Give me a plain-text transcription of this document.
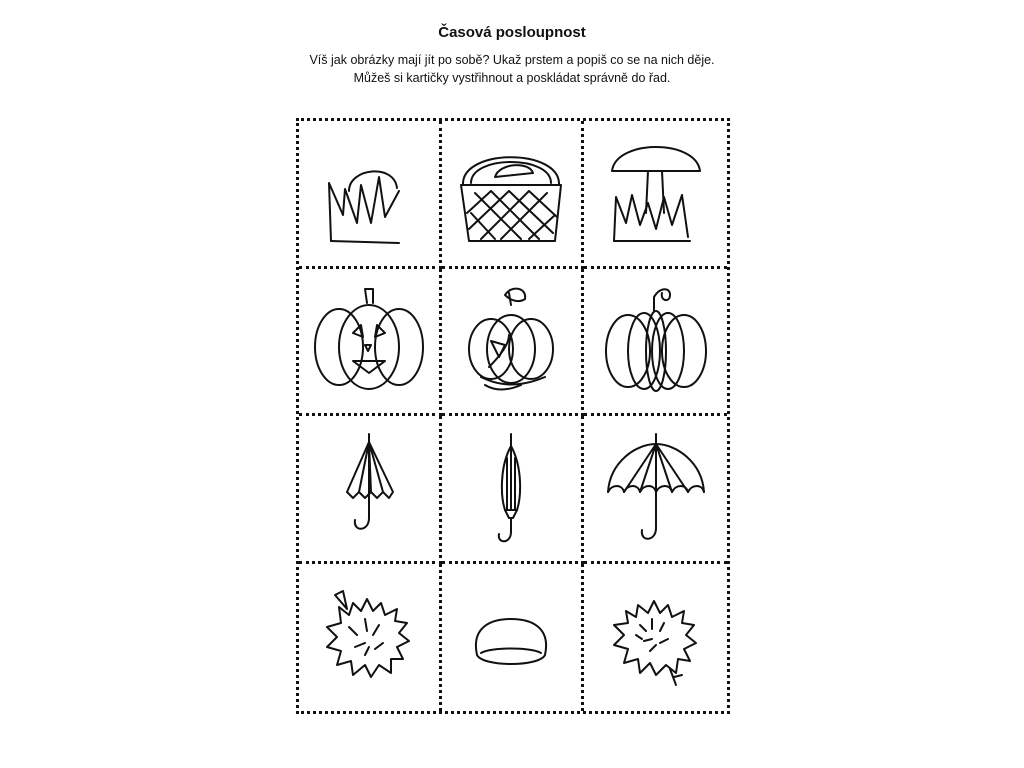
Časová posloupnost
Víš jak obrázky mají jít po sobě? Ukaž prstem a popiš co se na nich děje.
Můžeš si kartičky vystřihnout a poskládat správně do řad.
